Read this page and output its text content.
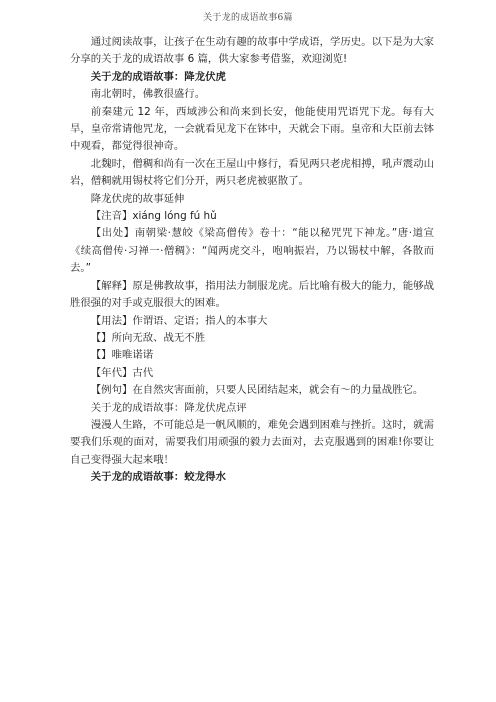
关于龙的成语故事6篇

通过阅读故事，让孩子在生动有趣的故事中学成语，学历史。以下是为大家分享的关于龙的成语故事 6 篇，供大家参考借鉴，欢迎浏览!

关于龙的成语故事：降龙伏虎

南北朝时，佛教很盛行。

前秦建元 12 年，西域涉公和尚来到长安，他能使用咒语咒下龙。每有大旱，皇帝常请他咒龙，一会就看见龙下在钵中，天就会下雨。皇帝和大臣前去钵中观看，都觉得很神奇。

北魏时，僧稠和尚有一次在王屋山中修行，看见两只老虎相搏，吼声震动山岩，僧稠就用锡杖将它们分开，两只老虎被驱散了。

降龙伏虎的故事延伸

【注音】xiáng lóng fú hǔ

【出处】南朝梁·慧皎《梁高僧传》卷十：“能以秘咒咒下神龙。”唐·道宣《续高僧传·习禅一·僧稠》：“闻两虎交斗，咆响振岩，乃以锡杖中解，各散而去。”

【解释】原是佛教故事，指用法力制服龙虎。后比喻有极大的能力，能够战胜很强的对手或克服很大的困难。

【用法】作谓语、定语；指人的本事大

【】所向无敌、战无不胜

【】唯唯诺诺

【年代】古代

【例句】在自然灾害面前，只要人民团结起来，就会有～的力量战胜它。

关于龙的成语故事：降龙伏虎点评

漫漫人生路，不可能总是一帆风顺的，难免会遇到困难与挫折。这时，就需要我们乐观的面对，需要我们用顽强的毅力去面对，去克服遇到的困难!你要让自己变得强大起来哦！

关于龙的成语故事：蛟龙得水
